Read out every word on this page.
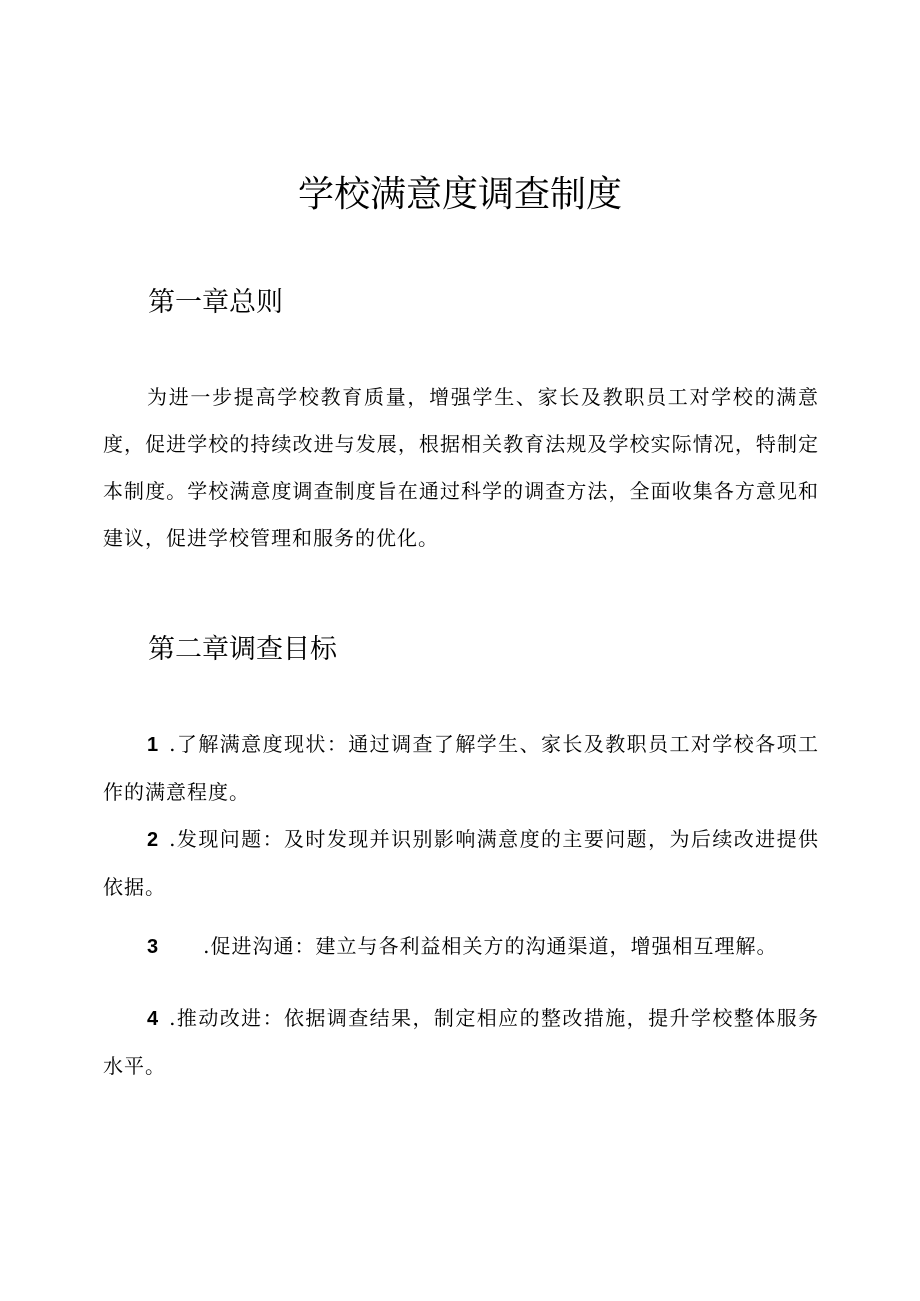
学校满意度调查制度
第一章总则

为进一步提高学校教育质量，增强学生、家长及教职员工对学校的满意度，促进学校的持续改进与发展，根据相关教育法规及学校实际情况，特制定本制度。学校满意度调查制度旨在通过科学的调查方法，全面收集各方意见和建议，促进学校管理和服务的优化。

第二章调查目标

1 .了解满意度现状：通过调查了解学生、家长及教职员工对学校各项工作的满意程度。

2 .发现问题：及时发现并识别影响满意度的主要问题，为后续改进提供依据。

3 .促进沟通：建立与各利益相关方的沟通渠道，增强相互理解。

4 .推动改进：依据调查结果，制定相应的整改措施，提升学校整体服务水平。
